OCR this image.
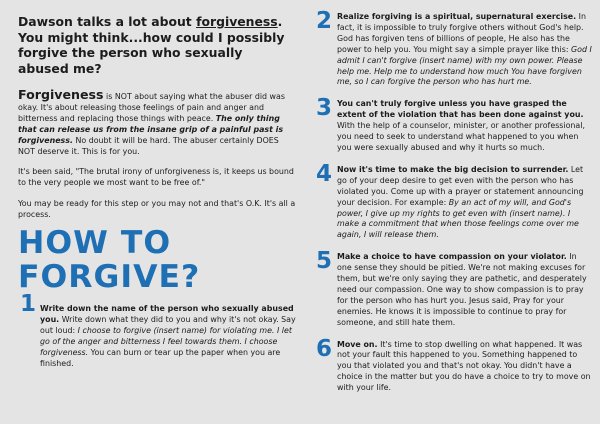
Dawson talks a lot about forgiveness. You might think...how could I possibly forgive the person who sexually abused me?
Forgiveness is NOT about saying what the abuser did was okay. It's about releasing those feelings of pain and anger and bitterness and replacing those things with peace. The only thing that can release us from the insane grip of a painful past is forgiveness. No doubt it will be hard. The abuser certainly DOES NOT deserve it. This is for you.
It's been said, "The brutal irony of unforgiveness is, it keeps us bound to the very people we most want to be free of."
You may be ready for this step or you may not and that's O.K. It's all a process.
HOW TO
FORGIVE?
1 Write down the name of the person who sexually abused you. Write down what they did to you and why it's not okay. Say out loud: I choose to forgive (insert name) for violating me. I let go of the anger and bitterness I feel towards them. I choose forgiveness. You can burn or tear up the paper when you are finished.
2 Realize forgiving is a spiritual, supernatural exercise. In fact, it is impossible to truly forgive others without God's help. God has forgiven tens of billions of people, He also has the power to help you. You might say a simple prayer like this: God I admit I can't forgive (insert name) with my own power. Please help me. Help me to understand how much You have forgiven me, so I can forgive the person who has hurt me.
3 You can't truly forgive unless you have grasped the extent of the violation that has been done against you. With the help of a counselor, minister, or another professional, you need to seek to understand what happened to you when you were sexually abused and why it hurts so much.
4 Now it's time to make the big decision to surrender. Let go of your deep desire to get even with the person who has violated you. Come up with a prayer or statement announcing your decision. For example: By an act of my will, and God's power, I give up my rights to get even with (insert name). I make a commitment that when those feelings come over me again, I will release them.
5 Make a choice to have compassion on your violator. In one sense they should be pitied. We're not making excuses for them, but we're only saying they are pathetic, and desperately need our compassion. One way to show compassion is to pray for the person who has hurt you. Jesus said, Pray for your enemies. He knows it is impossible to continue to pray for someone, and still hate them.
6 Move on. It's time to stop dwelling on what happened. It was not your fault this happened to you. Something happened to you that violated you and that's not okay. You didn't have a choice in the matter but you do have a choice to try to move on with your life.
